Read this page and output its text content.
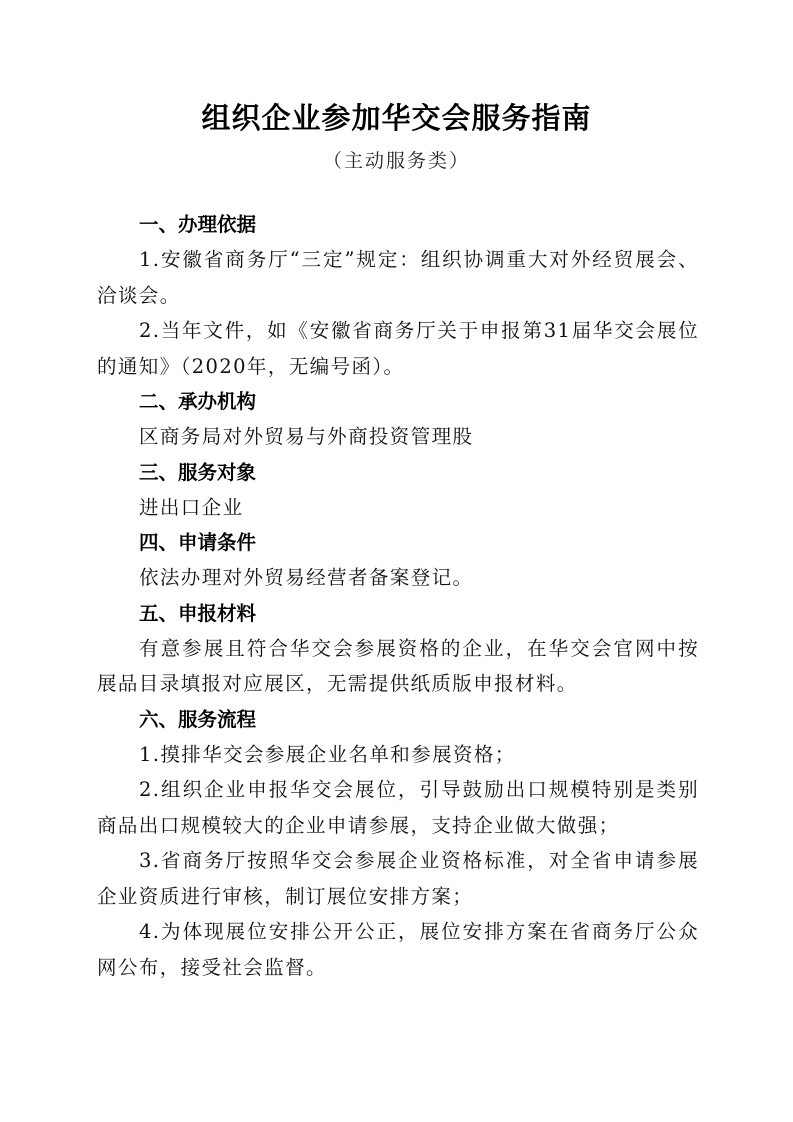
组织企业参加华交会服务指南
（主动服务类）

一、办理依据

1.安徽省商务厅“三定”规定：组织协调重大对外经贸展会、洽谈会。

2.当年文件，如《安徽省商务厅关于申报第31届华交会展位的通知》（2020年，无编号函）。

二、承办机构

区商务局对外贸易与外商投资管理股

三、服务对象

进出口企业

四、申请条件

依法办理对外贸易经营者备案登记。

五、申报材料

有意参展且符合华交会参展资格的企业，在华交会官网中按展品目录填报对应展区，无需提供纸质版申报材料。

六、服务流程

1.摸排华交会参展企业名单和参展资格；

2.组织企业申报华交会展位，引导鼓励出口规模特别是类别商品出口规模较大的企业申请参展，支持企业做大做强；

3.省商务厅按照华交会参展企业资格标准，对全省申请参展企业资质进行审核，制订展位安排方案；

4.为体现展位安排公开公正，展位安排方案在省商务厅公众网公布，接受社会监督。
